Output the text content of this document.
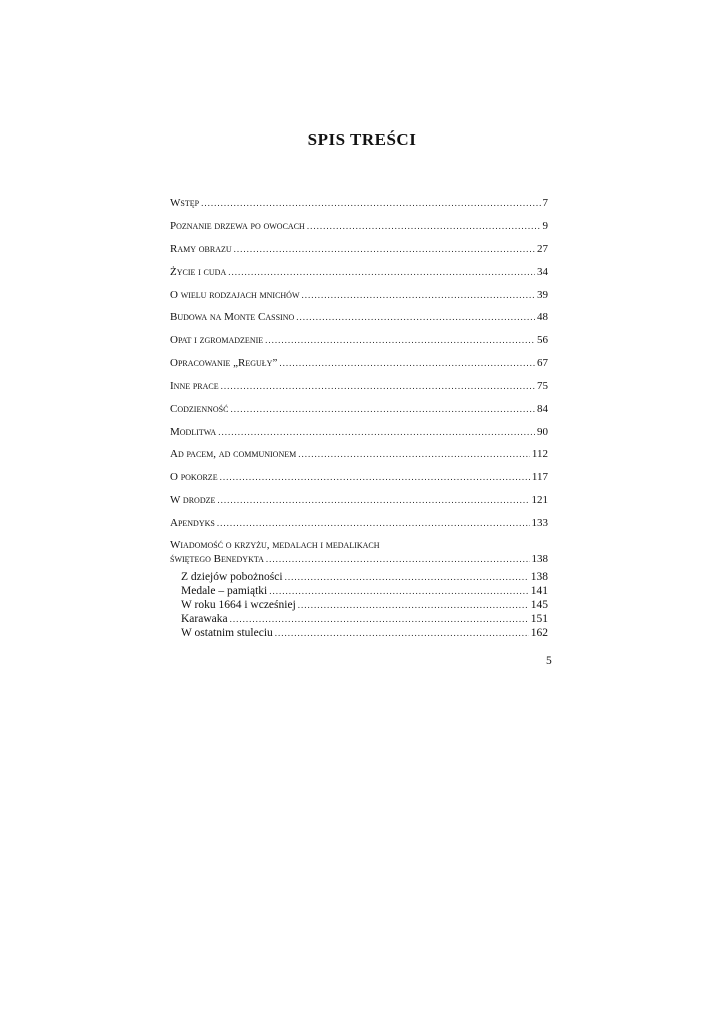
SPIS TREŚCI
Wstęp .....	7
Poznanie drzewa po owocach .....	9
Ramy obrazu .....	27
Życie i cuda .....	34
O wielu rodzajach mnichów .....	39
Budowa na Monte Cassino .....	48
Opat i zgromadzenie .....	56
Opracowanie „Reguły” .....	67
Inne prace .....	75
Codzienność .....	84
Modlitwa .....	90
Ad pacem, ad communionem .....	112
O pokorze .....	117
W drodze .....	121
Apendyks .....	133
Wiadomość o krzyżu, medalach i medalikach
świętego Benedykta .....	138
Z dziejów pobożności .....	138
Medale – pamiątki .....	141
W roku 1664 i wcześniej .....	145
Karawaka .....	151
W ostatnim stuleciu .....	162
5
